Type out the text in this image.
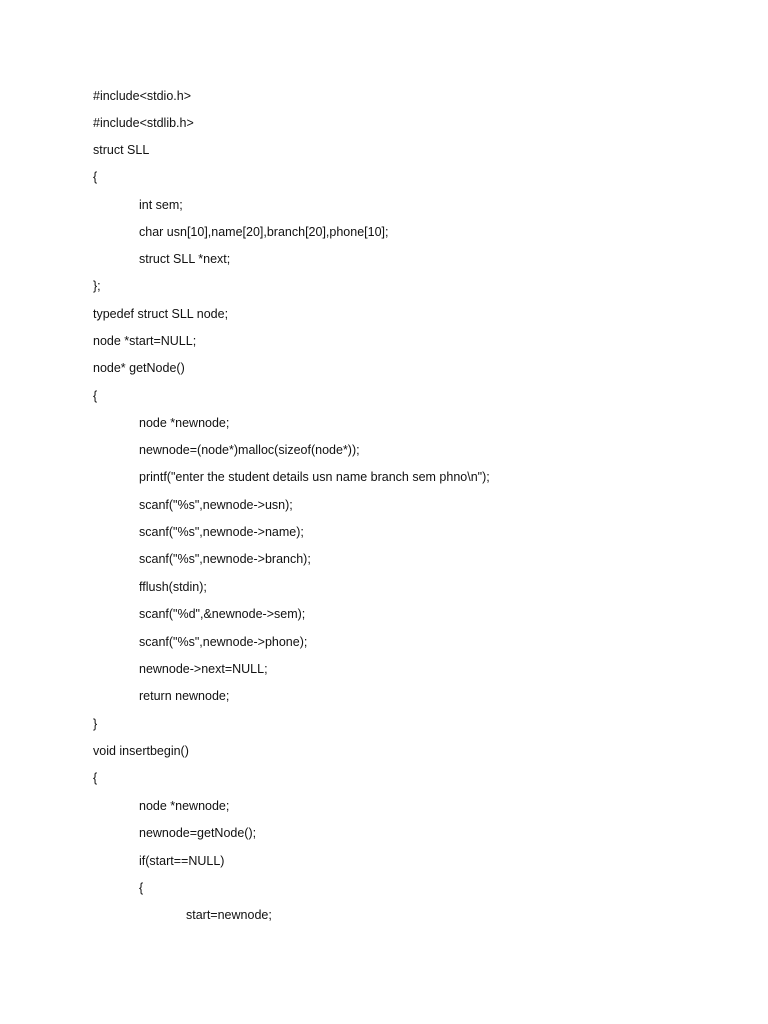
#include<stdio.h>
#include<stdlib.h>
struct SLL
{
int sem;
char usn[10],name[20],branch[20],phone[10];
struct SLL *next;
};
typedef struct SLL node;
node *start=NULL;
node* getNode()
{
node *newnode;
newnode=(node*)malloc(sizeof(node*));
printf("enter the student details usn name branch sem phno\n");
scanf("%s",newnode->usn);
scanf("%s",newnode->name);
scanf("%s",newnode->branch);
fflush(stdin);
scanf("%d",&newnode->sem);
scanf("%s",newnode->phone);
newnode->next=NULL;
return newnode;
}
void insertbegin()
{
node *newnode;
newnode=getNode();
if(start==NULL)
{
start=newnode;
